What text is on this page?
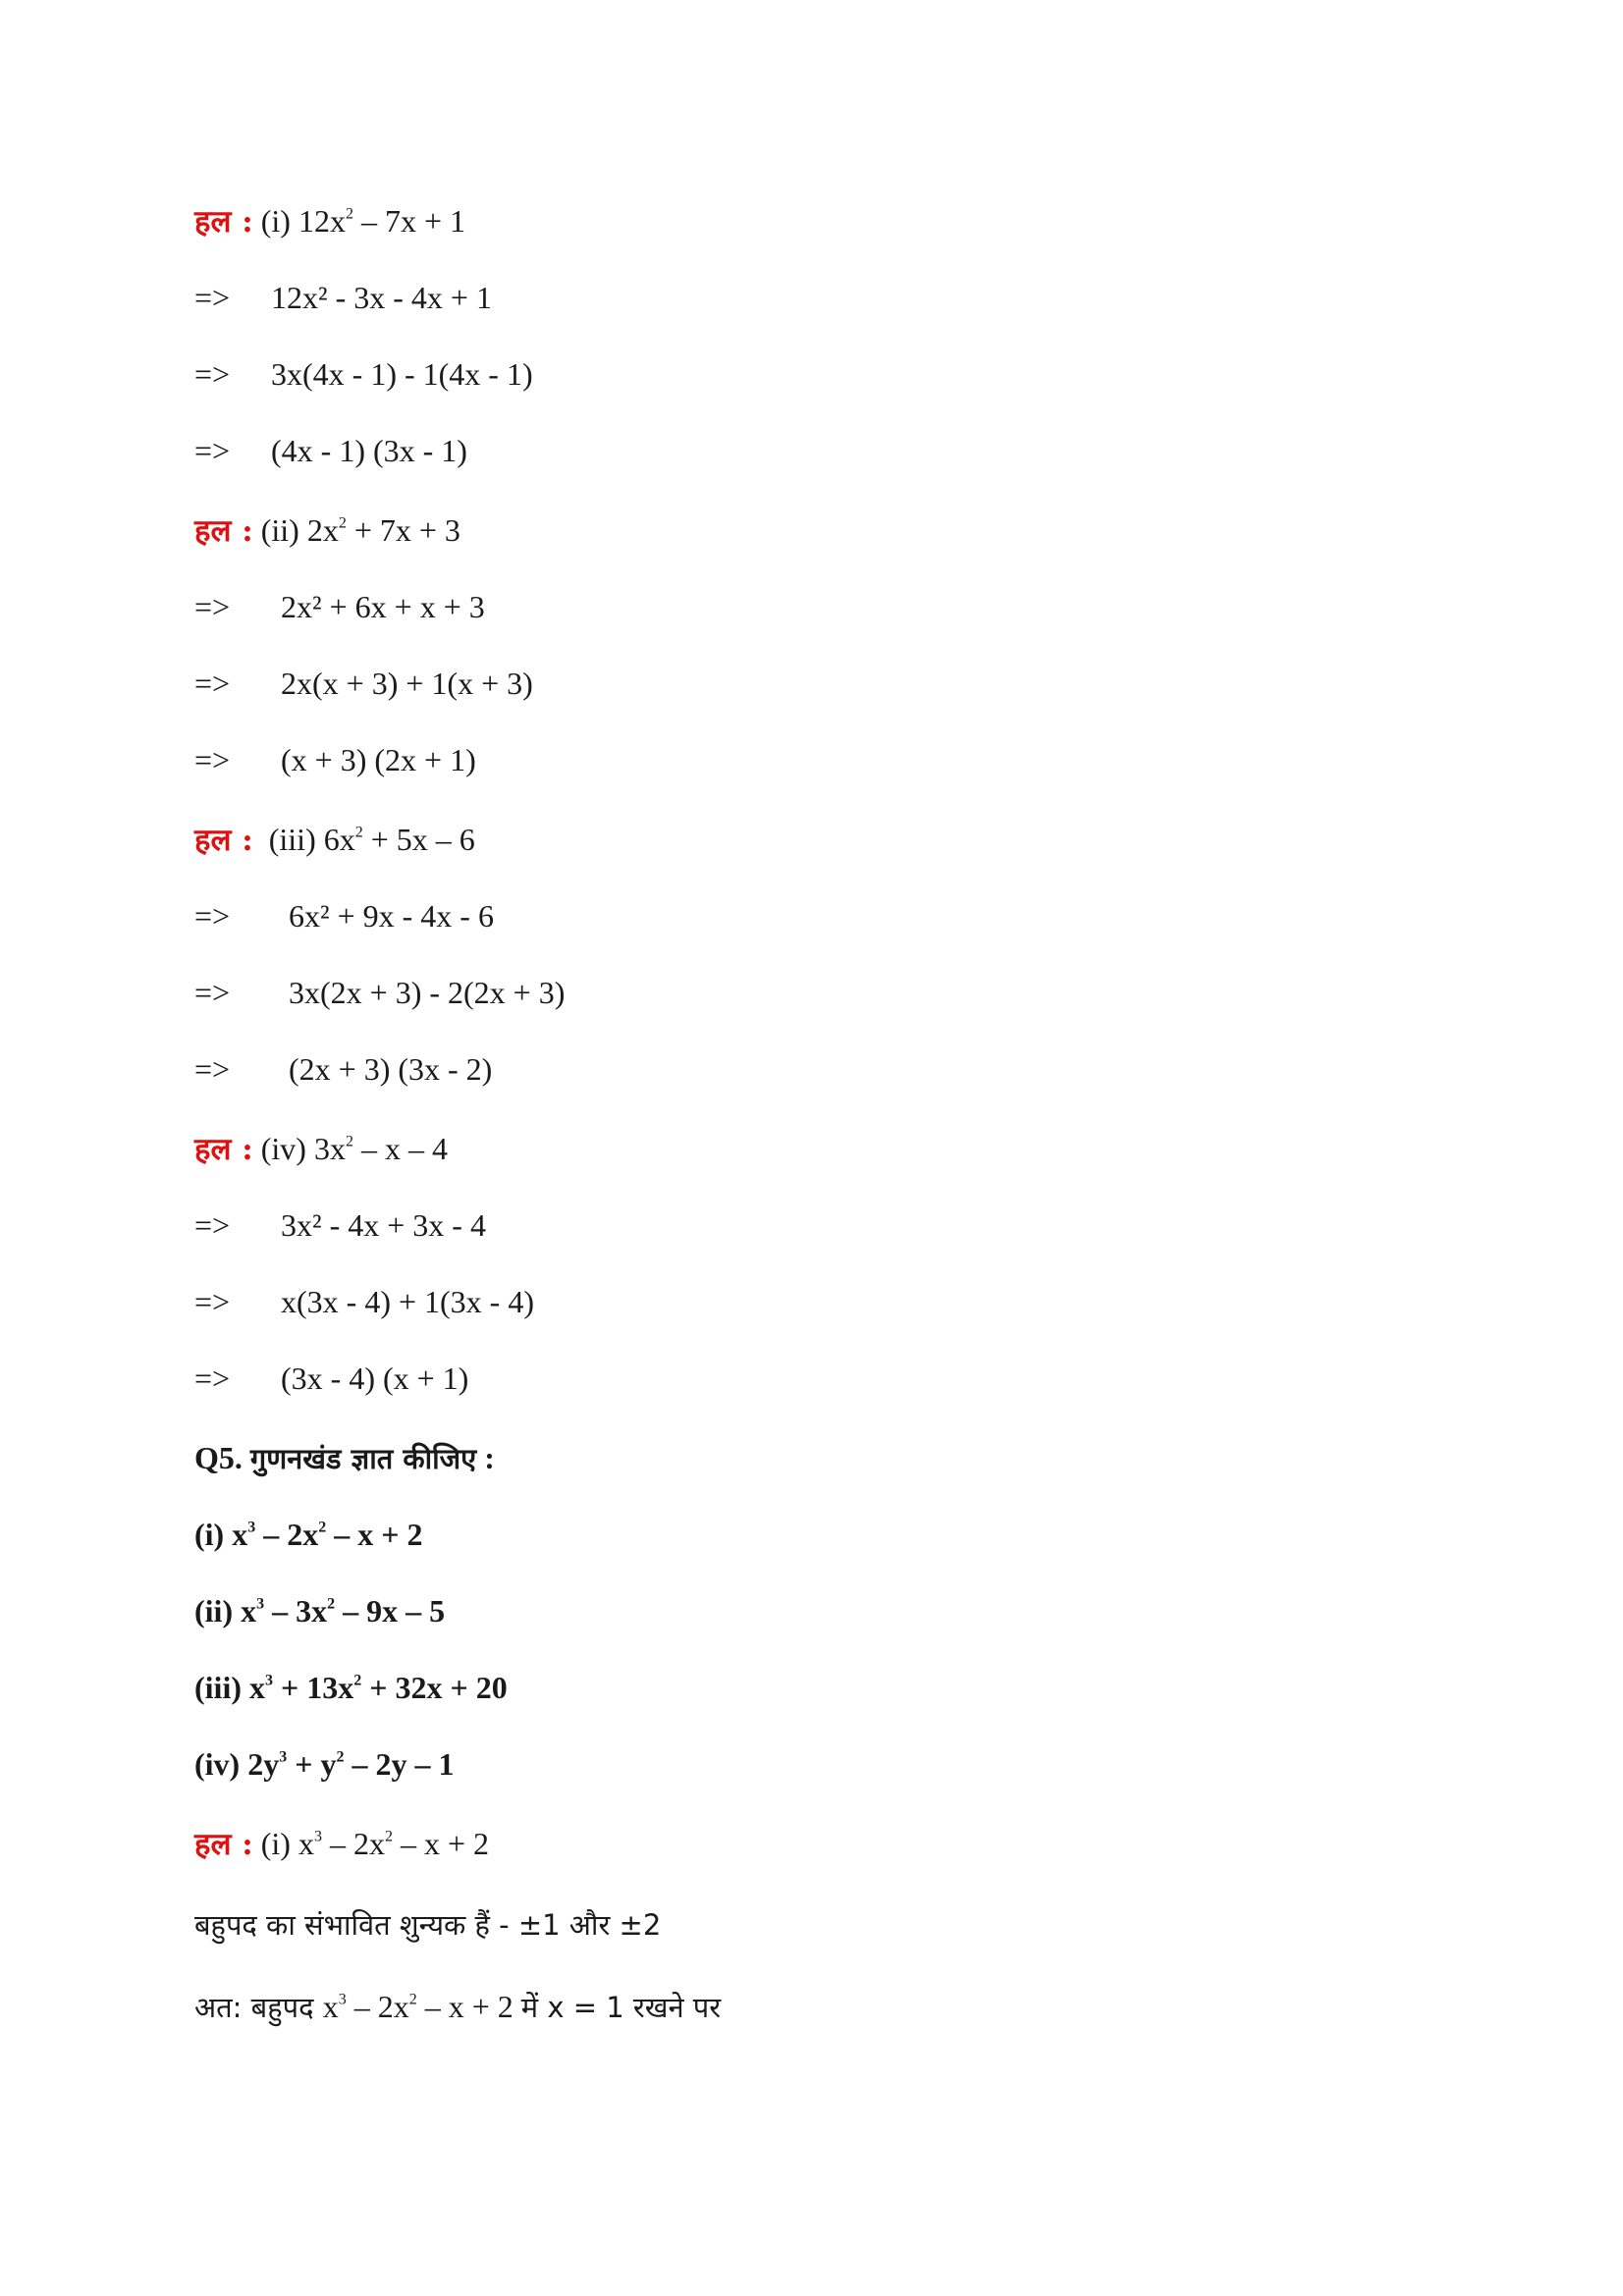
हल : (i) $12x^2 - 7x + 1$
=> 12x² - 3x - 4x + 1
=> 3x(4x - 1) - 1(4x - 1)
=> (4x - 1) (3x - 1)
हल : (ii) $2x^2 + 7x + 3$
=> 2x² + 6x + x + 3
=> 2x(x + 3) + 1(x + 3)
=> (x + 3) (2x + 1)
हल : (iii) $6x^2 + 5x - 6$
=> 6x² + 9x - 4x - 6
=> 3x(2x + 3) - 2(2x + 3)
=> (2x + 3) (3x - 2)
हल : (iv) $3x^2$ – x – 4
=> 3x² - 4x + 3x - 4
=> x(3x - 4) + 1(3x - 4)
=> (3x - 4) (x + 1)
Q5. गुणनखंड ज्ञात कीजिए :
(i) $x^3 - 2x^2 - x + 2$
(ii) $x^3 - 3x^2 - 9x - 5$
(iii) $x^3 + 13x^2 + 32x + 20$
(iv) $2y^3 + y^2 - 2y - 1$
हल : (i) $x^3 - 2x^2 - x + 2$
बहुपद का संभावित शुन्यक हैं - ±1 और ±2
अत: बहुपद $x^3 - 2x^2 - x + 2$ में x = 1 रखने पर
